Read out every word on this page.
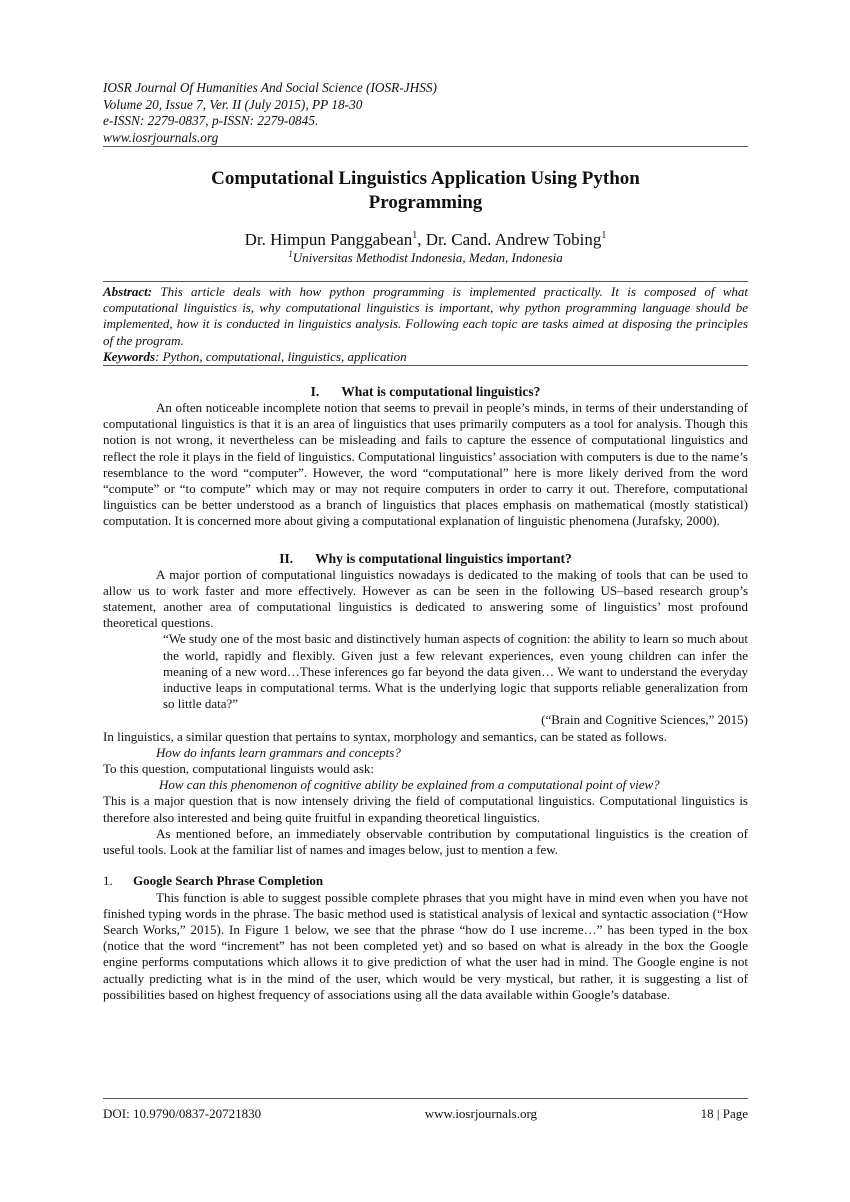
IOSR Journal Of Humanities And Social Science (IOSR-JHSS)
Volume 20, Issue 7, Ver. II (July 2015), PP 18-30
e-ISSN: 2279-0837, p-ISSN: 2279-0845.
www.iosrjournals.org
Computational Linguistics Application Using Python
Programming
Dr. Himpun Panggabean$^1$, Dr. Cand. Andrew Tobing$^1$
$^1$Universitas Methodist Indonesia, Medan, Indonesia

Abstract: This article deals with how python programming is implemented practically. It is composed of what computational linguistics is, why computational linguistics is important, why python programming language should be implemented, how it is conducted in linguistics analysis. Following each topic are tasks aimed at disposing the principles of the program.

Keywords: Python, computational, linguistics, application
I. What is computational linguistics?

An often noticeable incomplete notion that seems to prevail in people’s minds, in terms of their understanding of computational linguistics is that it is an area of linguistics that uses primarily computers as a tool for analysis. Though this notion is not wrong, it nevertheless can be misleading and fails to capture the essence of computational linguistics and reflect the role it plays in the field of linguistics. Computational linguistics’ association with computers is due to the name’s resemblance to the word “computer”. However, the word “computational” here is more likely derived from the word “compute” or “to compute” which may or may not require computers in order to carry it out. Therefore, computational linguistics can be better understood as a branch of linguistics that places emphasis on mathematical (mostly statistical) computation. It is concerned more about giving a computational explanation of linguistic phenomena (Jurafsky, 2000).

II. Why is computational linguistics important?

A major portion of computational linguistics nowadays is dedicated to the making of tools that can be used to allow us to work faster and more effectively. However as can be seen in the following US–based research group’s statement, another area of computational linguistics is dedicated to answering some of linguistics’ most profound theoretical questions.

“We study one of the most basic and distinctively human aspects of cognition: the ability to learn so much about the world, rapidly and flexibly. Given just a few relevant experiences, even young children can infer the meaning of a new word…These inferences go far beyond the data given… We want to understand the everyday inductive leaps in computational terms. What is the underlying logic that supports reliable generalization from so little data?”

(“Brain and Cognitive Sciences,” 2015)
In linguistics, a similar question that pertains to syntax, morphology and semantics, can be stated as follows.
How do infants learn grammars and concepts?
To this question, computational linguists would ask:
How can this phenomenon of cognitive ability be explained from a computational point of view?

This is a major question that is now intensely driving the field of computational linguistics. Computational linguistics is therefore also interested and being quite fruitful in expanding theoretical linguistics.

As mentioned before, an immediately observable contribution by computational linguistics is the creation of useful tools. Look at the familiar list of names and images below, just to mention a few.

1. Google Search Phrase Completion

This function is able to suggest possible complete phrases that you might have in mind even when you have not finished typing words in the phrase. The basic method used is statistical analysis of lexical and syntactic association (“How Search Works,” 2015). In Figure 1 below, we see that the phrase “how do I use increme…” has been typed in the box (notice that the word “increment” has not been completed yet) and so based on what is already in the box the Google engine performs computations which allows it to give prediction of what the user had in mind. The Google engine is not actually predicting what is in the mind of the user, which would be very mystical, but rather, it is suggesting a list of possibilities based on highest frequency of associations using all the data available within Google’s database.

DOI: 10.9790/0837-20721830	www.iosrjournals.org	18 | Page
